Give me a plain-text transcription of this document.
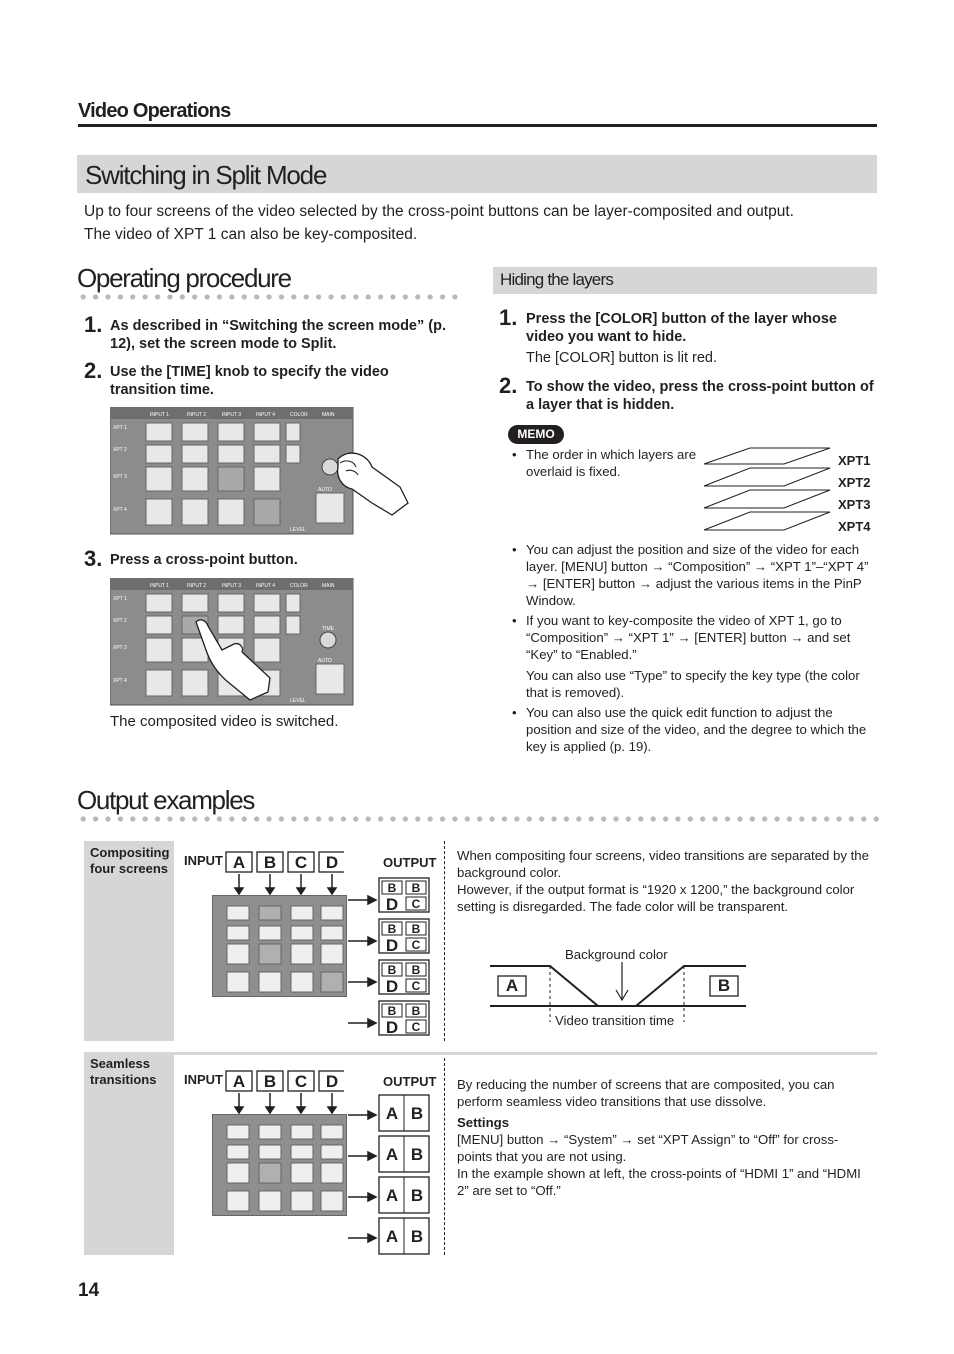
Video Operations
Switching in Split Mode
Up to four screens of the video selected by the cross-point buttons can be layer-composited and output.
The video of XPT 1 can also be key-composited.
Operating procedure
1. As described in “Switching the screen mode” (p. 12), set the screen mode to Split.
2. Use the [TIME] knob to specify the video transition time.
INPUT 1	INPUT 2	INPUT 3	INPUT 4	COLOR	MAIN
XPT 1
XPT 2
XPT 3
XPT 4
AUTO
LEVEL
3. Press a cross-point button.
INPUT 1	INPUT 2	INPUT 3	INPUT 4	COLOR	MAIN
XPT 1
XPT 2
XPT 3
XPT 4
AUTO
TIME
LEVEL
The composited video is switched.
Hiding the layers
1. Press the [COLOR] button of the layer whose video you want to hide.
The [COLOR] button is lit red.
2. To show the video, press the cross-point button of a layer that is hidden.
MEMO
• The order in which layers are overlaid is fixed.
XPT1
XPT2
XPT3
XPT4
• You can adjust the position and size of the video for each layer. [MENU] button → “Composition” → “XPT 1”–“XPT 4” → [ENTER] button → adjust the various items in the PinP Window.
• If you want to key-composite the video of XPT 1, go to “Composition” → “XPT 1” → [ENTER] button → and set “Key” to “Enabled.”
• You can also use “Type” to specify the key type (the color that is removed).
• You can also use the quick edit function to adjust the position and size of the video, and the degree to which the key is applied (p. 19).
Output examples
Compositing four screens
INPUT	OUTPUT
A B C D
B B
D C
B B
D C
B B
D C
B B
D C
When compositing four screens, video transitions are separated by the background color.
However, if the output format is “1920 x 1200,” the background color setting is disregarded. The fade color will be transparent.
Background color
A	B
Video transition time
Seamless transitions	INPUT	OUTPUT
A B C D
A B
A B
A B
A B
By reducing the number of screens that are composited, you can perform seamless video transitions that use dissolve.
Settings
[MENU] button → “System” → set “XPT Assign” to “Off” for cross-points that you are not using.
In the example shown at left, the cross-points of “HDMI 1” and “HDMI 2” are set to “Off.”
14
